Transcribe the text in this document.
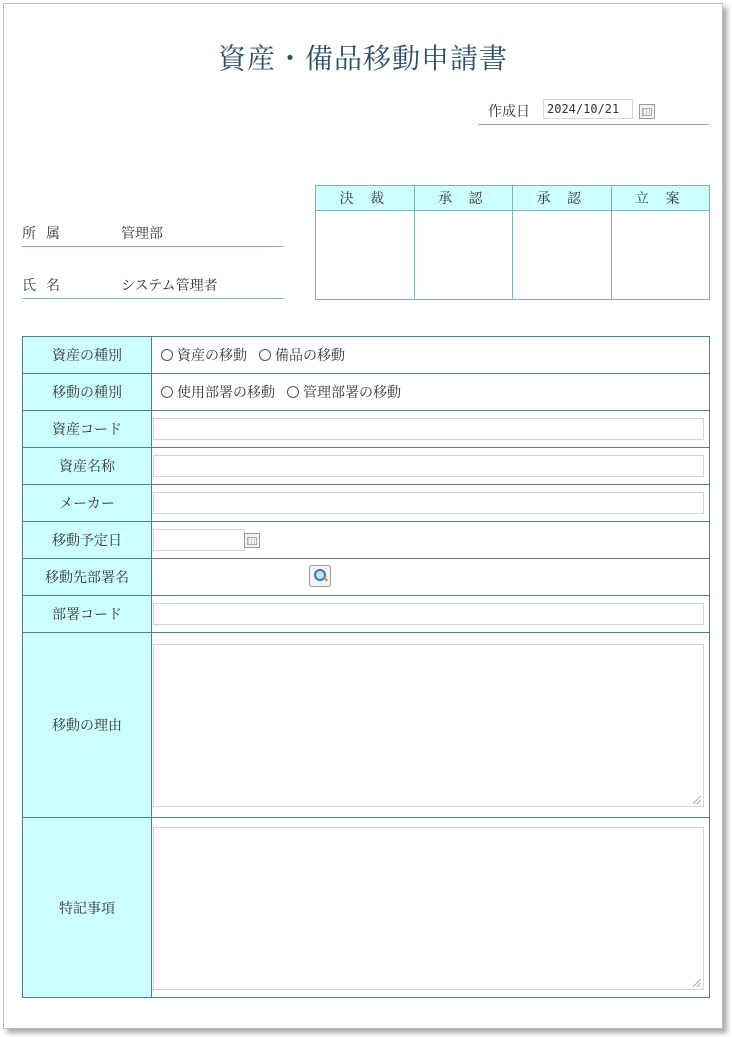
資産・備品移動申請書
作成日	2024/10/21
決 裁	承 認	承 認	立 案

所属	管理部
氏名	システム管理者
資産の種別	資産の移動 備品の移動
移動の種別	使用部署の移動 管理部署の移動
資産コード	

資産名称	

メーカー	

移動予定日	

移動先部署名	

部署コード	

移動の理由	

特記事項	
